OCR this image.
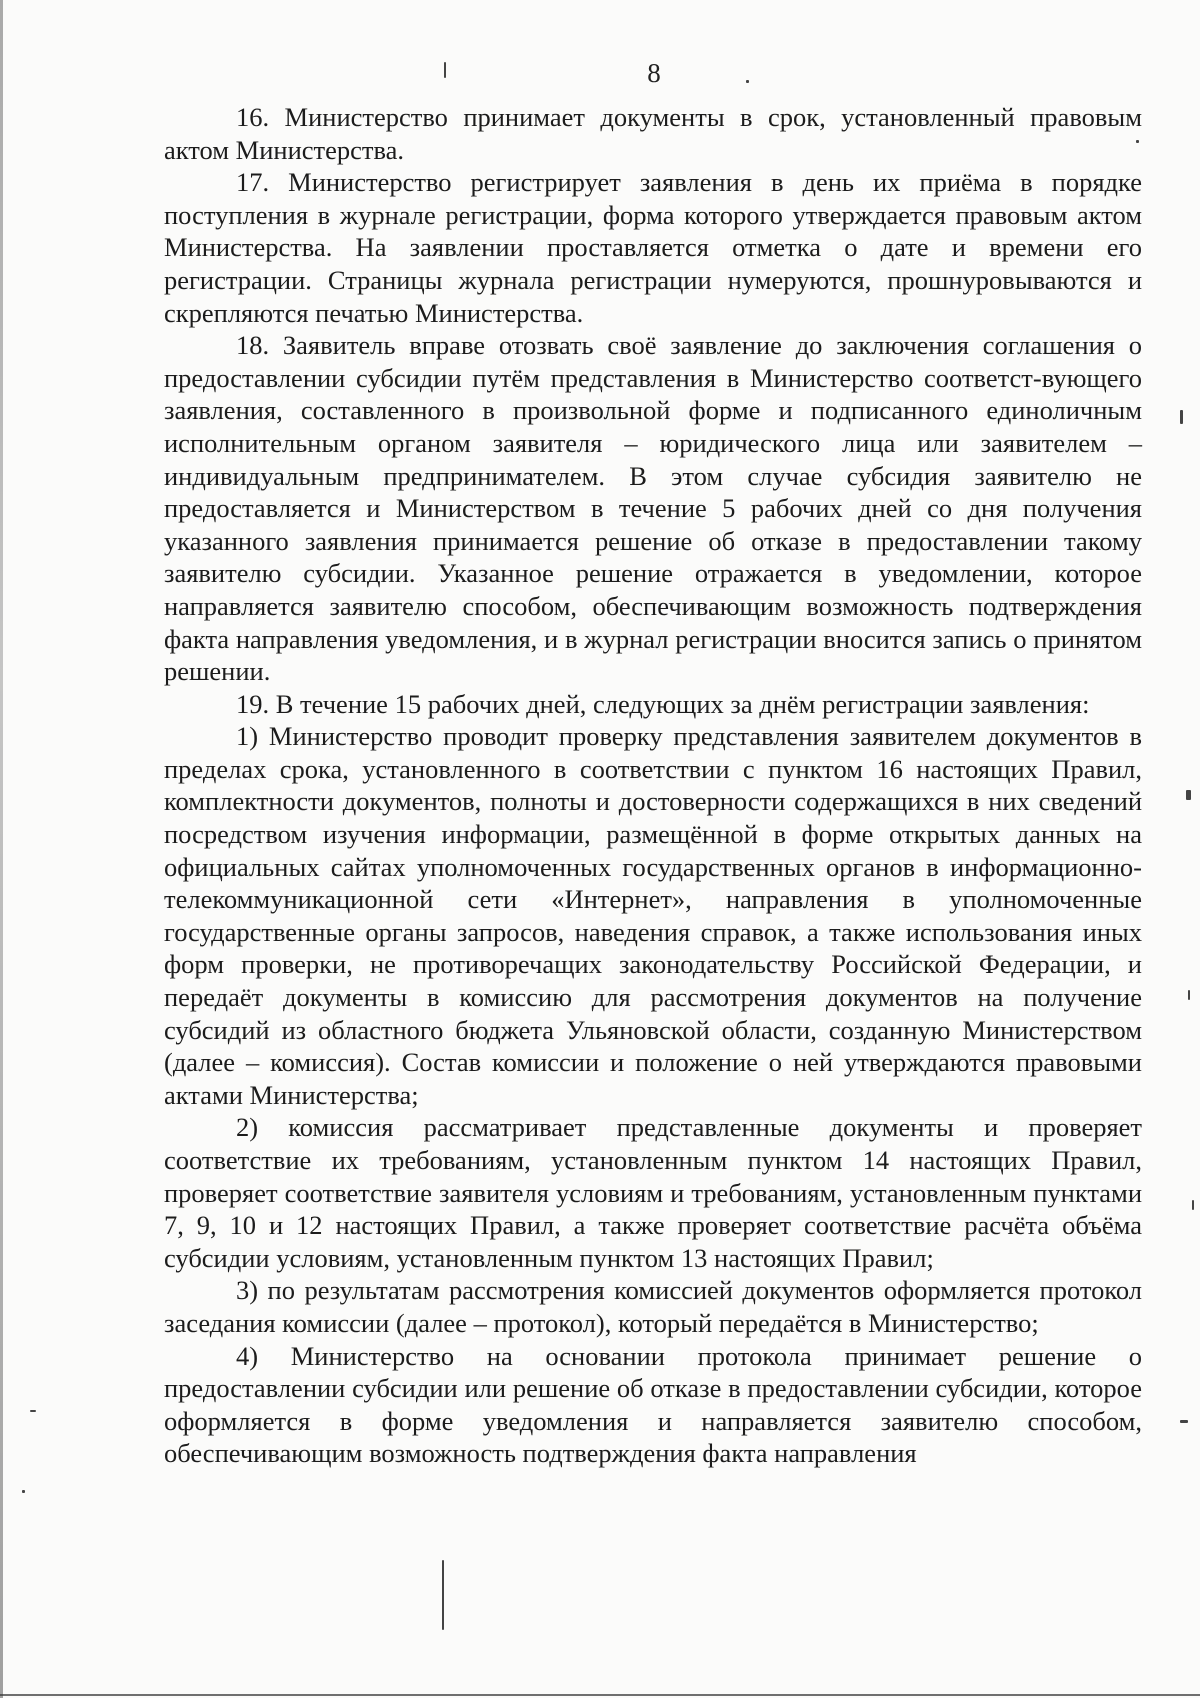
8

16. Министерство принимает документы в срок, установленный правовым актом Министерства.

17. Министерство регистрирует заявления в день их приёма в порядке поступления в журнале регистрации, форма которого утверждается правовым актом Министерства. На заявлении проставляется отметка о дате и времени его регистрации. Страницы журнала регистрации нумеруются, прошнуровываются и скрепляются печатью Министерства.

18. Заявитель вправе отозвать своё заявление до заключения соглашения о предоставлении субсидии путём представления в Министерство соответст-вующего заявления, составленного в произвольной форме и подписанного единоличным исполнительным органом заявителя – юридического лица или заявителем – индивидуальным предпринимателем. В этом случае субсидия заявителю не предоставляется и Министерством в течение 5 рабочих дней со дня получения указанного заявления принимается решение об отказе в предоставлении такому заявителю субсидии. Указанное решение отражается в уведомлении, которое направляется заявителю способом, обеспечивающим возможность подтверждения факта направления уведомления, и в журнал регистрации вносится запись о принятом решении.

19. В течение 15 рабочих дней, следующих за днём регистрации заявления:

1) Министерство проводит проверку представления заявителем документов в пределах срока, установленного в соответствии с пунктом 16 настоящих Правил, комплектности документов, полноты и достоверности содержащихся в них сведений посредством изучения информации, размещённой в форме открытых данных на официальных сайтах уполномоченных государственных органов в информационно-телекоммуникационной сети «Интернет», направления в уполномоченные государственные органы запросов, наведения справок, а также использования иных форм проверки, не противоречащих законодательству Российской Федерации, и передаёт документы в комиссию для рассмотрения документов на получение субсидий из областного бюджета Ульяновской области, созданную Министерством (далее – комиссия). Состав комиссии и положение о ней утверждаются правовыми актами Министерства;

2) комиссия рассматривает представленные документы и проверяет соответствие их требованиям, установленным пунктом 14 настоящих Правил, проверяет соответствие заявителя условиям и требованиям, установленным пунктами 7, 9, 10 и 12 настоящих Правил, а также проверяет соответствие расчёта объёма субсидии условиям, установленным пунктом 13 настоящих Правил;

3) по результатам рассмотрения комиссией документов оформляется протокол заседания комиссии (далее – протокол), который передаётся в Министерство;

4) Министерство на основании протокола принимает решение о предоставлении субсидии или решение об отказе в предоставлении субсидии, которое оформляется в форме уведомления и направляется заявителю способом, обеспечивающим возможность подтверждения факта направления
